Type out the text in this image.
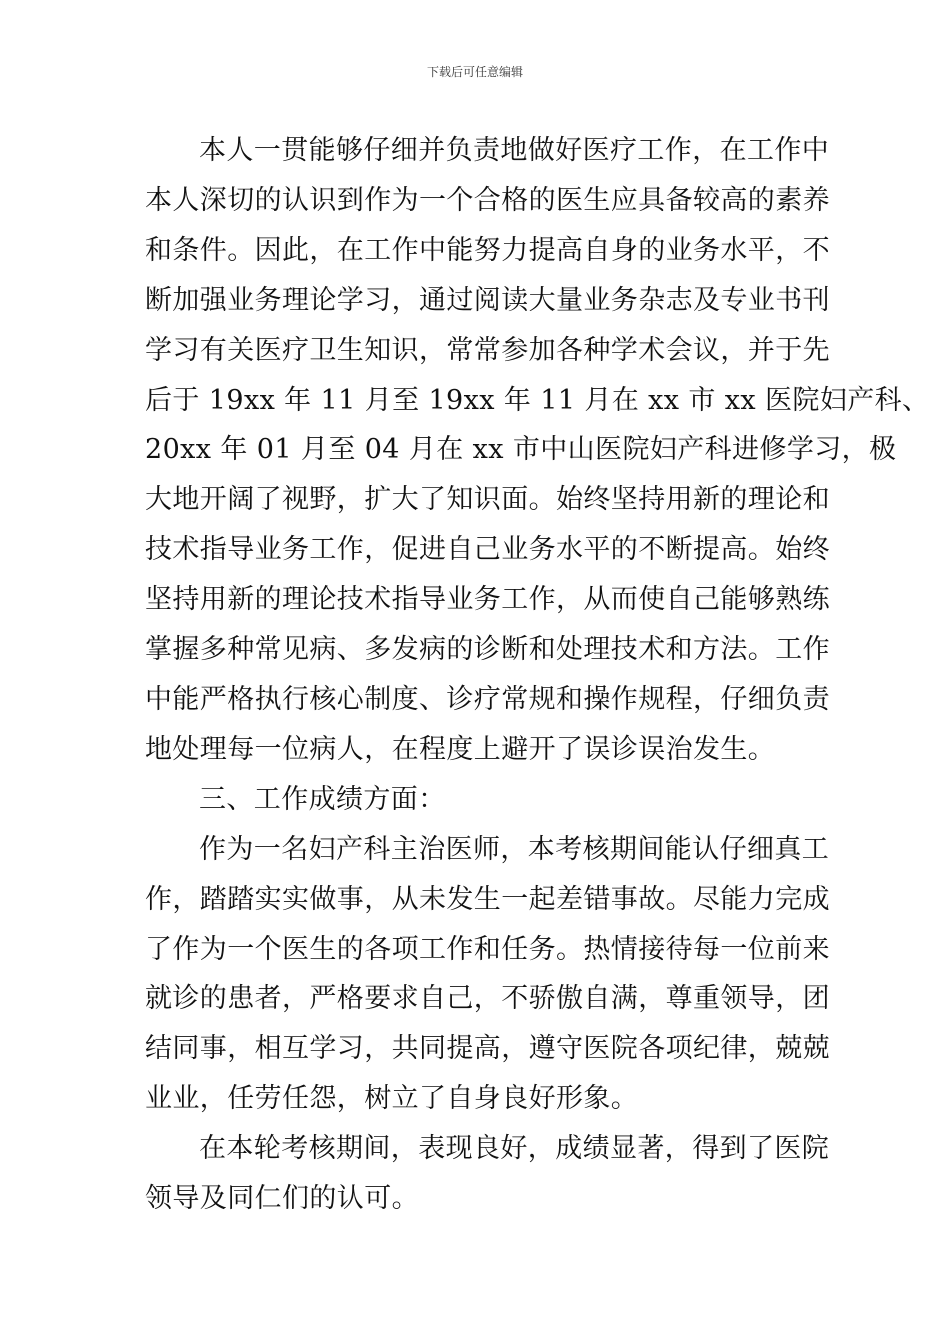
下载后可任意编辑
本人一贯能够仔细并负责地做好医疗工作，在工作中
本人深切的认识到作为一个合格的医生应具备较高的素养
和条件。因此，在工作中能努力提高自身的业务水平，不
断加强业务理论学习，通过阅读大量业务杂志及专业书刊
学习有关医疗卫生知识，常常参加各种学术会议，并于先
后于 19xx 年 11 月至 19xx 年 11 月在 xx 市 xx 医院妇产科、
20xx 年 01 月至 04 月在 xx 市中山医院妇产科进修学习，极
大地开阔了视野，扩大了知识面。始终坚持用新的理论和
技术指导业务工作，促进自己业务水平的不断提高。始终
坚持用新的理论技术指导业务工作，从而使自己能够熟练
掌握多种常见病、多发病的诊断和处理技术和方法。工作
中能严格执行核心制度、诊疗常规和操作规程，仔细负责
地处理每一位病人，在程度上避开了误诊误治发生。
三、工作成绩方面：
作为一名妇产科主治医师，本考核期间能认仔细真工
作，踏踏实实做事，从未发生一起差错事故。尽能力完成
了作为一个医生的各项工作和任务。热情接待每一位前来
就诊的患者，严格要求自己，不骄傲自满，尊重领导，团
结同事，相互学习，共同提高，遵守医院各项纪律，兢兢
业业，任劳任怨，树立了自身良好形象。
在本轮考核期间，表现良好，成绩显著，得到了医院
领导及同仁们的认可。
